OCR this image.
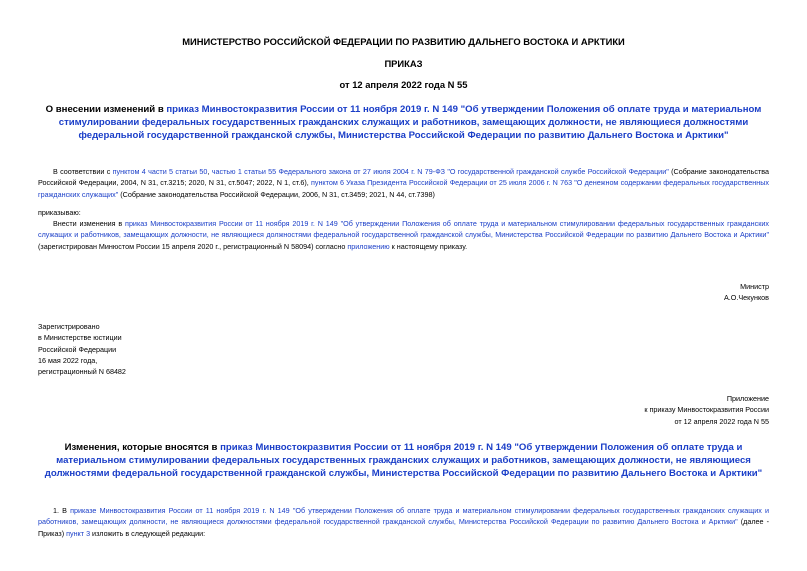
МИНИСТЕРСТВО РОССИЙСКОЙ ФЕДЕРАЦИИ ПО РАЗВИТИЮ ДАЛЬНЕГО ВОСТОКА И АРКТИКИ
ПРИКАЗ
от 12 апреля 2022 года N 55
О внесении изменений в приказ Минвостокразвития России от 11 ноября 2019 г. N 149 "Об утверждении Положения об оплате труда и материальном стимулировании федеральных государственных гражданских служащих и работников, замещающих должности, не являющиеся должностями федеральной государственной гражданской службы, Министерства Российской Федерации по развитию Дальнего Востока и Арктики"
В соответствии с пунктом 4 части 5 статьи 50, частью 1 статьи 55 Федерального закона от 27 июля 2004 г. N 79-ФЗ "О государственной гражданской службе Российской Федерации" (Собрание законодательства Российской Федерации, 2004, N 31, ст.3215; 2020, N 31, ст.5047; 2022, N 1, ст.6), пунктом 6 Указа Президента Российской Федерации от 25 июля 2006 г. N 763 "О денежном содержании федеральных государственных гражданских служащих" (Собрание законодательства Российской Федерации, 2006, N 31, ст.3459; 2021, N 44, ст.7398)
приказываю:
Внести изменения в приказ Минвостокразвития России от 11 ноября 2019 г. N 149 "Об утверждении Положения об оплате труда и материальном стимулировании федеральных государственных гражданских служащих и работников, замещающих должности, не являющиеся должностями федеральной государственной гражданской службы, Министерства Российской Федерации по развитию Дальнего Востока и Арктики" (зарегистрирован Минюстом России 15 апреля 2020 г., регистрационный N 58094) согласно приложению к настоящему приказу.

Министр

А.О.Чекунков

Зарегистрировано

в Министерстве юстиции

Российской Федерации

16 мая 2022 года,

регистрационный N 68482

Приложение

к приказу Минвостокразвития России

от 12 апреля 2022 года N 55

Изменения, которые вносятся в приказ Минвостокразвития России от 11 ноября 2019 г. N 149 "Об утверждении Положения об оплате труда и материальном стимулировании федеральных государственных гражданских служащих и работников, замещающих должности, не являющиеся должностями федеральной государственной гражданской службы, Министерства Российской Федерации по развитию Дальнего Востока и Арктики"
1. В приказе Минвостокразвития России от 11 ноября 2019 г. N 149 "Об утверждении Положения об оплате труда и материальном стимулировании федеральных государственных гражданских служащих и работников, замещающих должности, не являющиеся должностями федеральной государственной гражданской службы, Министерства Российской Федерации по развитию Дальнего Востока и Арктики" (далее - Приказ) пункт 3 изложить в следующей редакции:
